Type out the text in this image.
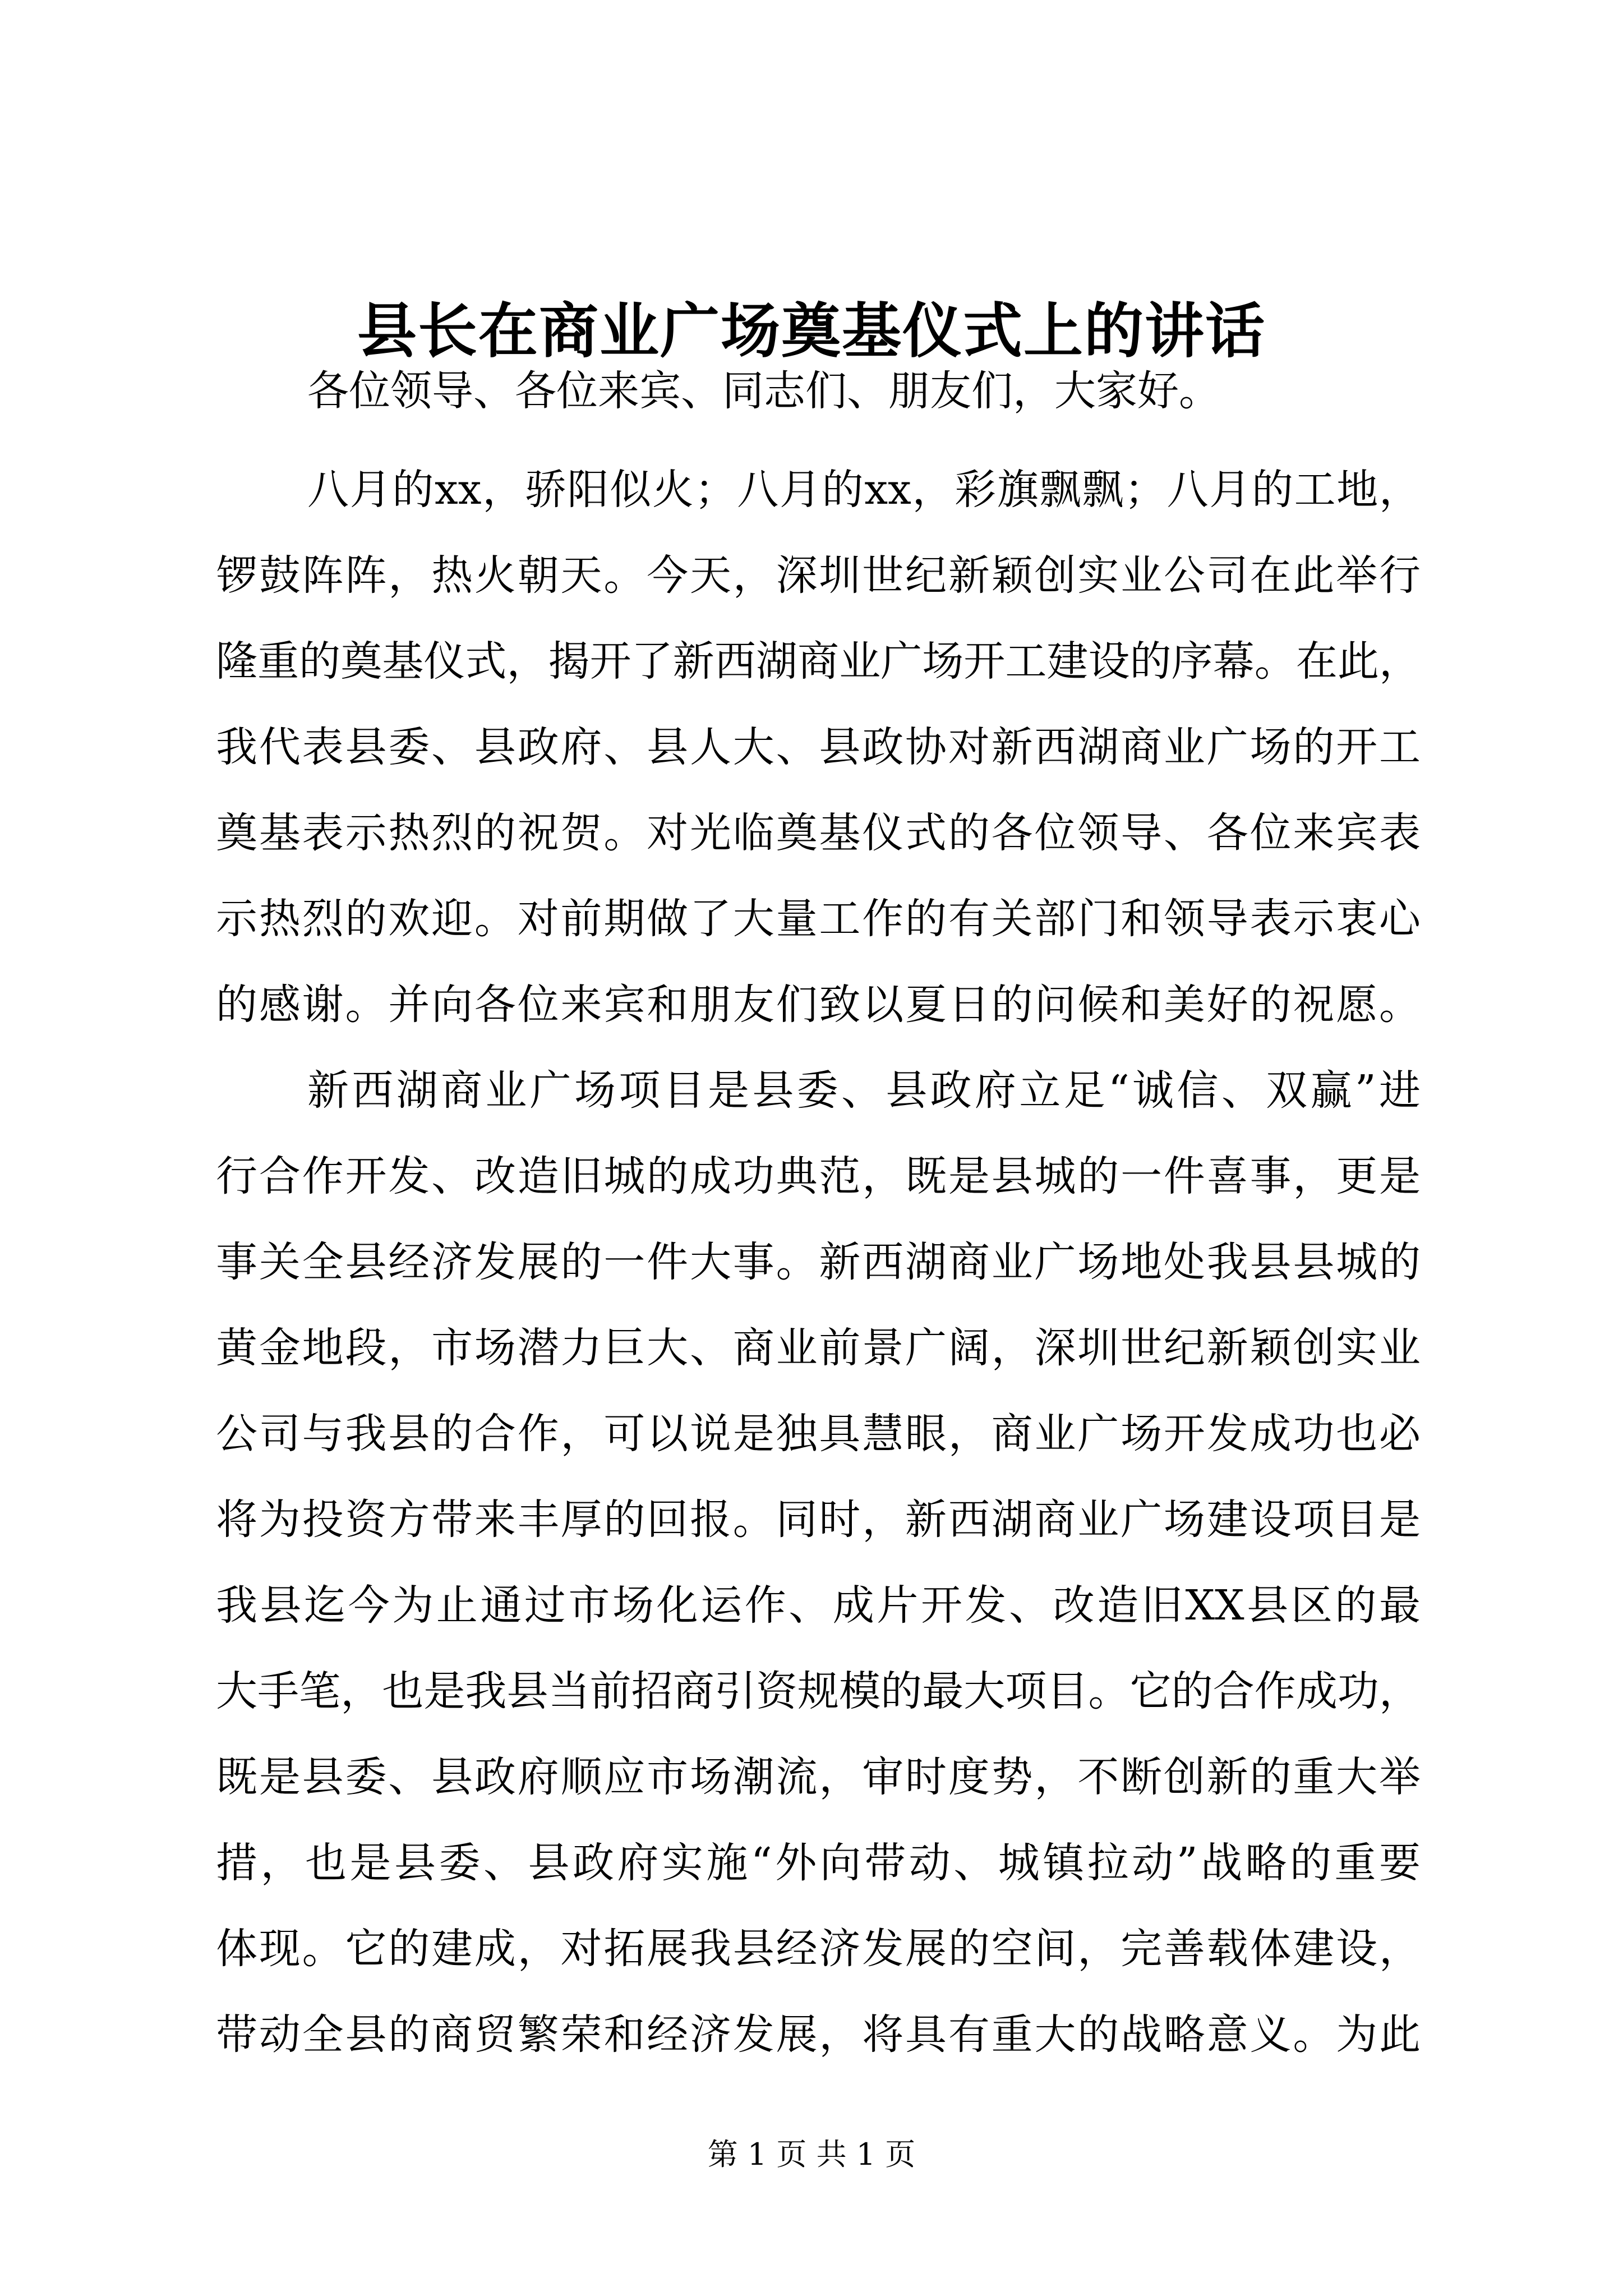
县长在商业广场奠基仪式上的讲话

各位领导、各位来宾、同志们、朋友们，大家好。

八月的xx，骄阳似火；八月的xx，彩旗飘飘；八月的工地，

锣鼓阵阵，热火朝天。今天，深圳世纪新颖创实业公司在此举行

隆重的奠基仪式，揭开了新西湖商业广场开工建设的序幕。在此，

我代表县委、县政府、县人大、县政协对新西湖商业广场的开工

奠基表示热烈的祝贺。对光临奠基仪式的各位领导、各位来宾表

示热烈的欢迎。对前期做了大量工作的有关部门和领导表示衷心

的感谢。并向各位来宾和朋友们致以夏日的问候和美好的祝愿。

新西湖商业广场项目是县委、县政府立足“诚信、双赢”进

行合作开发、改造旧城的成功典范，既是县城的一件喜事，更是

事关全县经济发展的一件大事。新西湖商业广场地处我县县城的

黄金地段，市场潜力巨大、商业前景广阔，深圳世纪新颖创实业

公司与我县的合作，可以说是独具慧眼，商业广场开发成功也必

将为投资方带来丰厚的回报。同时，新西湖商业广场建设项目是

我县迄今为止通过市场化运作、成片开发、改造旧XX县区的最

大手笔，也是我县当前招商引资规模的最大项目。它的合作成功，

既是县委、县政府顺应市场潮流，审时度势，不断创新的重大举

措，也是县委、县政府实施“外向带动、城镇拉动”战略的重要

体现。它的建成，对拓展我县经济发展的空间，完善载体建设，

带动全县的商贸繁荣和经济发展，将具有重大的战略意义。为此

第 1 页 共 1 页
